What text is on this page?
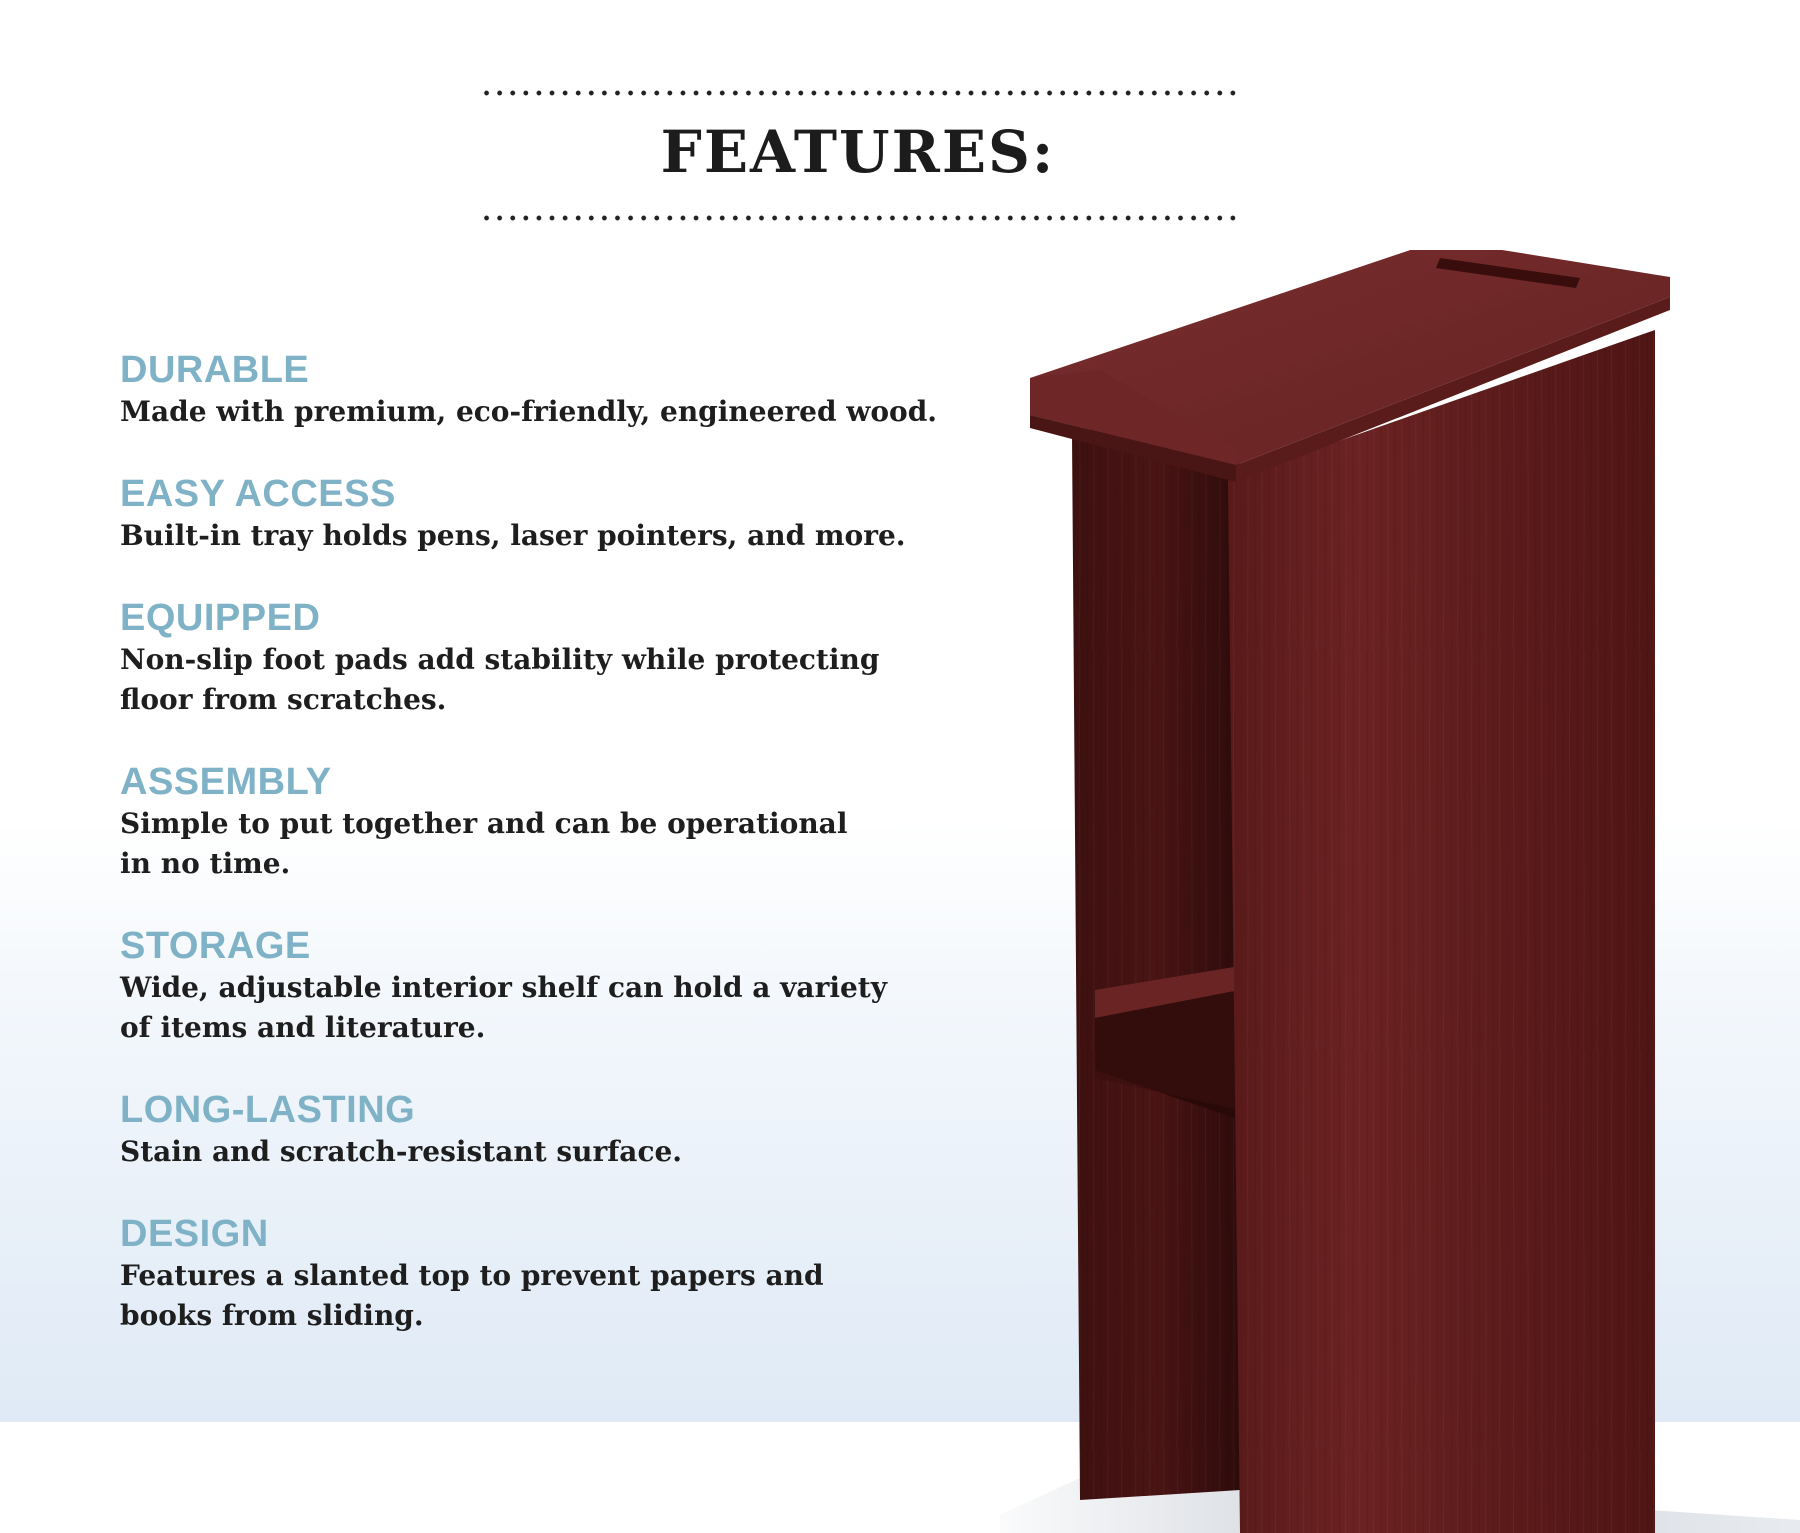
FEATURES:

DURABLE

Made with premium, eco-friendly, engineered wood.

EASY ACCESS

Built-in tray holds pens, laser pointers, and more.

EQUIPPED

Non-slip foot pads add stability while protecting

floor from scratches.

ASSEMBLY

Simple to put together and can be operational

in no time.

STORAGE

Wide, adjustable interior shelf can hold a variety

of items and literature.

LONG-LASTING

Stain and scratch-resistant surface.

DESIGN

Features a slanted top to prevent papers and

books from sliding.
